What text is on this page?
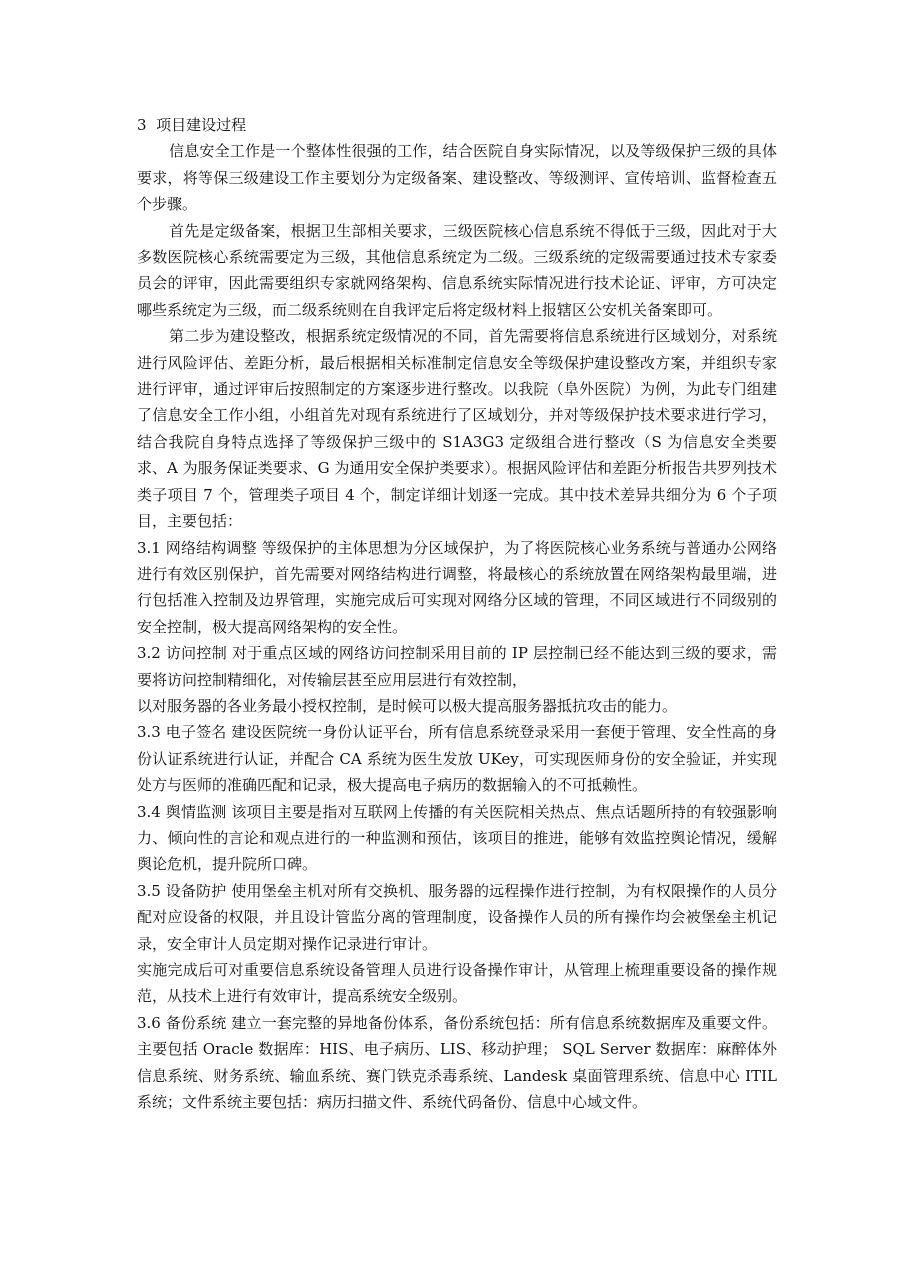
3  项目建设过程

信息安全工作是一个整体性很强的工作，结合医院自身实际情况，以及等级保护三级的具体要求，将等保三级建设工作主要划分为定级备案、建设整改、等级测评、宣传培训、监督检查五个步骤。

首先是定级备案，根据卫生部相关要求，三级医院核心信息系统不得低于三级，因此对于大多数医院核心系统需要定为三级，其他信息系统定为二级。三级系统的定级需要通过技术专家委员会的评审，因此需要组织专家就网络架构、信息系统实际情况进行技术论证、评审，方可决定哪些系统定为三级，而二级系统则在自我评定后将定级材料上报辖区公安机关备案即可。

第二步为建设整改，根据系统定级情况的不同，首先需要将信息系统进行区域划分，对系统进行风险评估、差距分析，最后根据相关标准制定信息安全等级保护建设整改方案，并组织专家进行评审，通过评审后按照制定的方案逐步进行整改。以我院（阜外医院）为例，为此专门组建了信息安全工作小组，小组首先对现有系统进行了区域划分，并对等级保护技术要求进行学习，结合我院自身特点选择了等级保护三级中的 S1A3G3 定级组合进行整改（S 为信息安全类要求、A 为服务保证类要求、G 为通用安全保护类要求）。根据风险评估和差距分析报告共罗列技术类子项目 7 个，管理类子项目 4 个，制定详细计划逐一完成。其中技术差异共细分为 6 个子项目，主要包括：

3.1 网络结构调整 等级保护的主体思想为分区域保护，为了将医院核心业务系统与普通办公网络进行有效区别保护，首先需要对网络结构进行调整，将最核心的系统放置在网络架构最里端，进行包括准入控制及边界管理，实施完成后可实现对网络分区域的管理，不同区域进行不同级别的安全控制，极大提高网络架构的安全性。

3.2 访问控制 对于重点区域的网络访问控制采用目前的 IP 层控制已经不能达到三级的要求，需要将访问控制精细化，对传输层甚至应用层进行有效控制，

以对服务器的各业务最小授权控制，是时候可以极大提高服务器抵抗攻击的能力。

3.3 电子签名 建设医院统一身份认证平台，所有信息系统登录采用一套便于管理、安全性高的身份认证系统进行认证，并配合 CA 系统为医生发放 UKey，可实现医师身份的安全验证，并实现处方与医师的准确匹配和记录，极大提高电子病历的数据输入的不可抵赖性。

3.4 舆情监测 该项目主要是指对互联网上传播的有关医院相关热点、焦点话题所持的有较强影响力、倾向性的言论和观点进行的一种监测和预估，该项目的推进，能够有效监控舆论情况，缓解舆论危机，提升院所口碑。

3.5 设备防护 使用堡垒主机对所有交换机、服务器的远程操作进行控制，为有权限操作的人员分配对应设备的权限，并且设计管监分离的管理制度，设备操作人员的所有操作均会被堡垒主机记录，安全审计人员定期对操作记录进行审计。

实施完成后可对重要信息系统设备管理人员进行设备操作审计，从管理上梳理重要设备的操作规范，从技术上进行有效审计，提高系统安全级别。

3.6 备份系统 建立一套完整的异地备份体系，备份系统包括：所有信息系统数据库及重要文件。主要包括 Oracle 数据库：HIS、电子病历、LIS、移动护理； SQL Server 数据库：麻醉体外信息系统、财务系统、输血系统、赛门铁克杀毒系统、Landesk 桌面管理系统、信息中心 ITIL 系统；文件系统主要包括：病历扫描文件、系统代码备份、信息中心域文件。
